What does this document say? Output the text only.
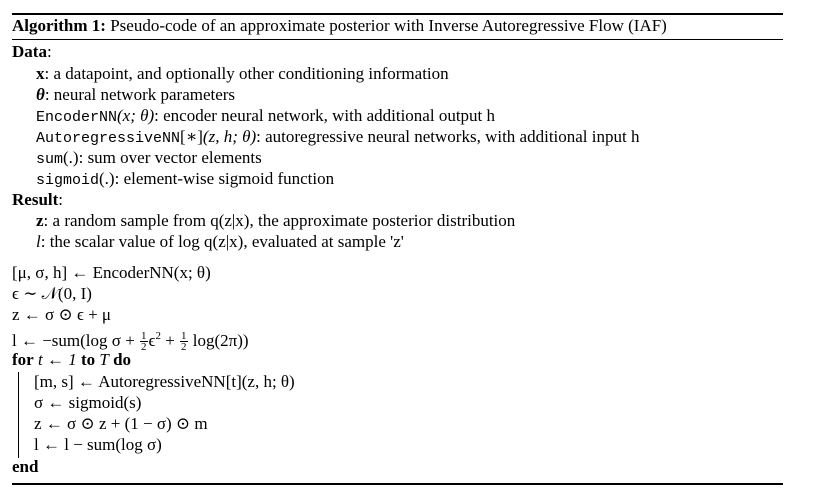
Algorithm 1: Pseudo-code of an approximate posterior with Inverse Autoregressive Flow (IAF)
Data:
x: a datapoint, and optionally other conditioning information
θ: neural network parameters
EncoderNN(x; θ): encoder neural network, with additional output h
AutoregressiveNN[∗](z, h; θ): autoregressive neural networks, with additional input h
sum(.): sum over vector elements
sigmoid(.): element-wise sigmoid function
Result:
z: a random sample from q(z|x), the approximate posterior distribution
l: the scalar value of log q(z|x), evaluated at sample 'z'
[μ, σ, h] ← EncoderNN(x; θ)
ϵ ∼ 𝒩(0, I)
z ← σ ⊙ ϵ + μ
l ← −sum(log $\sigma + \frac{1}{2} \epsilon^2 + \frac{1}{2} \log(2\pi)$)
for t ← 1 to T do
[m, s] ← AutoregressiveNN[t](z, h; θ)
σ ← sigmoid(s)
z ← σ ⊙ z + (1 − σ) ⊙ m
l ← l − sum(log σ)
end
